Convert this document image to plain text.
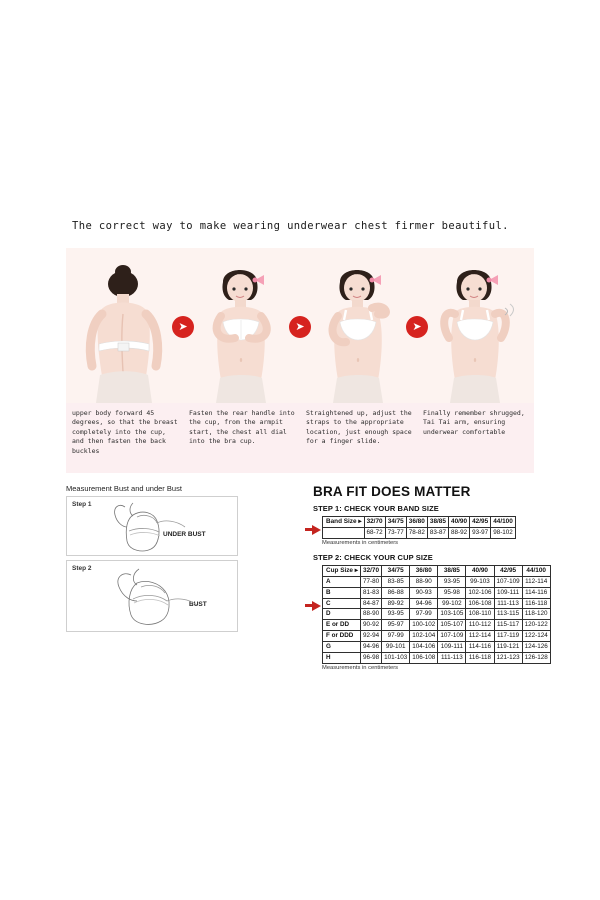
The correct way to make wearing underwear chest firmer beautiful.
upper body forward 45 degrees, so that the breast completely into the cup, and then fasten the back buckles
➤
Fasten the rear handle into the cup, from the armpit start, the chest all dial into the bra cup.
➤
Straightened up, adjust the straps to the appropriate location, just enough space for a finger slide.
➤
Finally remember shrugged, Tai Tai arm, ensuring underwear comfortable
Measurement Bust and under Bust
Step 1
UNDER BUST
Step 2
BUST
BRA FIT DOES MATTER
STEP 1: CHECK YOUR BAND SIZE
Band Size ▸	32/70	34/75	36/80	38/85	40/90	42/95	44/100
	68-72	73-77	78-82	83-87	88-92	93-97	98-102
Measurements in centimeters
STEP 2: CHECK YOUR CUP SIZE
Cup Size ▸	32/70	34/75	36/80	38/85	40/90	42/95	44/100
A	77-80	83-85	88-90	93-95	99-103	107-109	112-114
B	81-83	86-88	90-93	95-98	102-106	109-111	114-116
C	84-87	89-92	94-96	99-102	106-108	111-113	116-118
D	88-90	93-95	97-99	103-105	108-110	113-115	118-120
E or DD	90-92	95-97	100-102	105-107	110-112	115-117	120-122
F or DDD	92-94	97-99	102-104	107-109	112-114	117-119	122-124
G	94-96	99-101	104-106	109-111	114-116	119-121	124-126
H	96-98	101-103	106-108	111-113	116-118	121-123	126-128
Measurements in centimeters
